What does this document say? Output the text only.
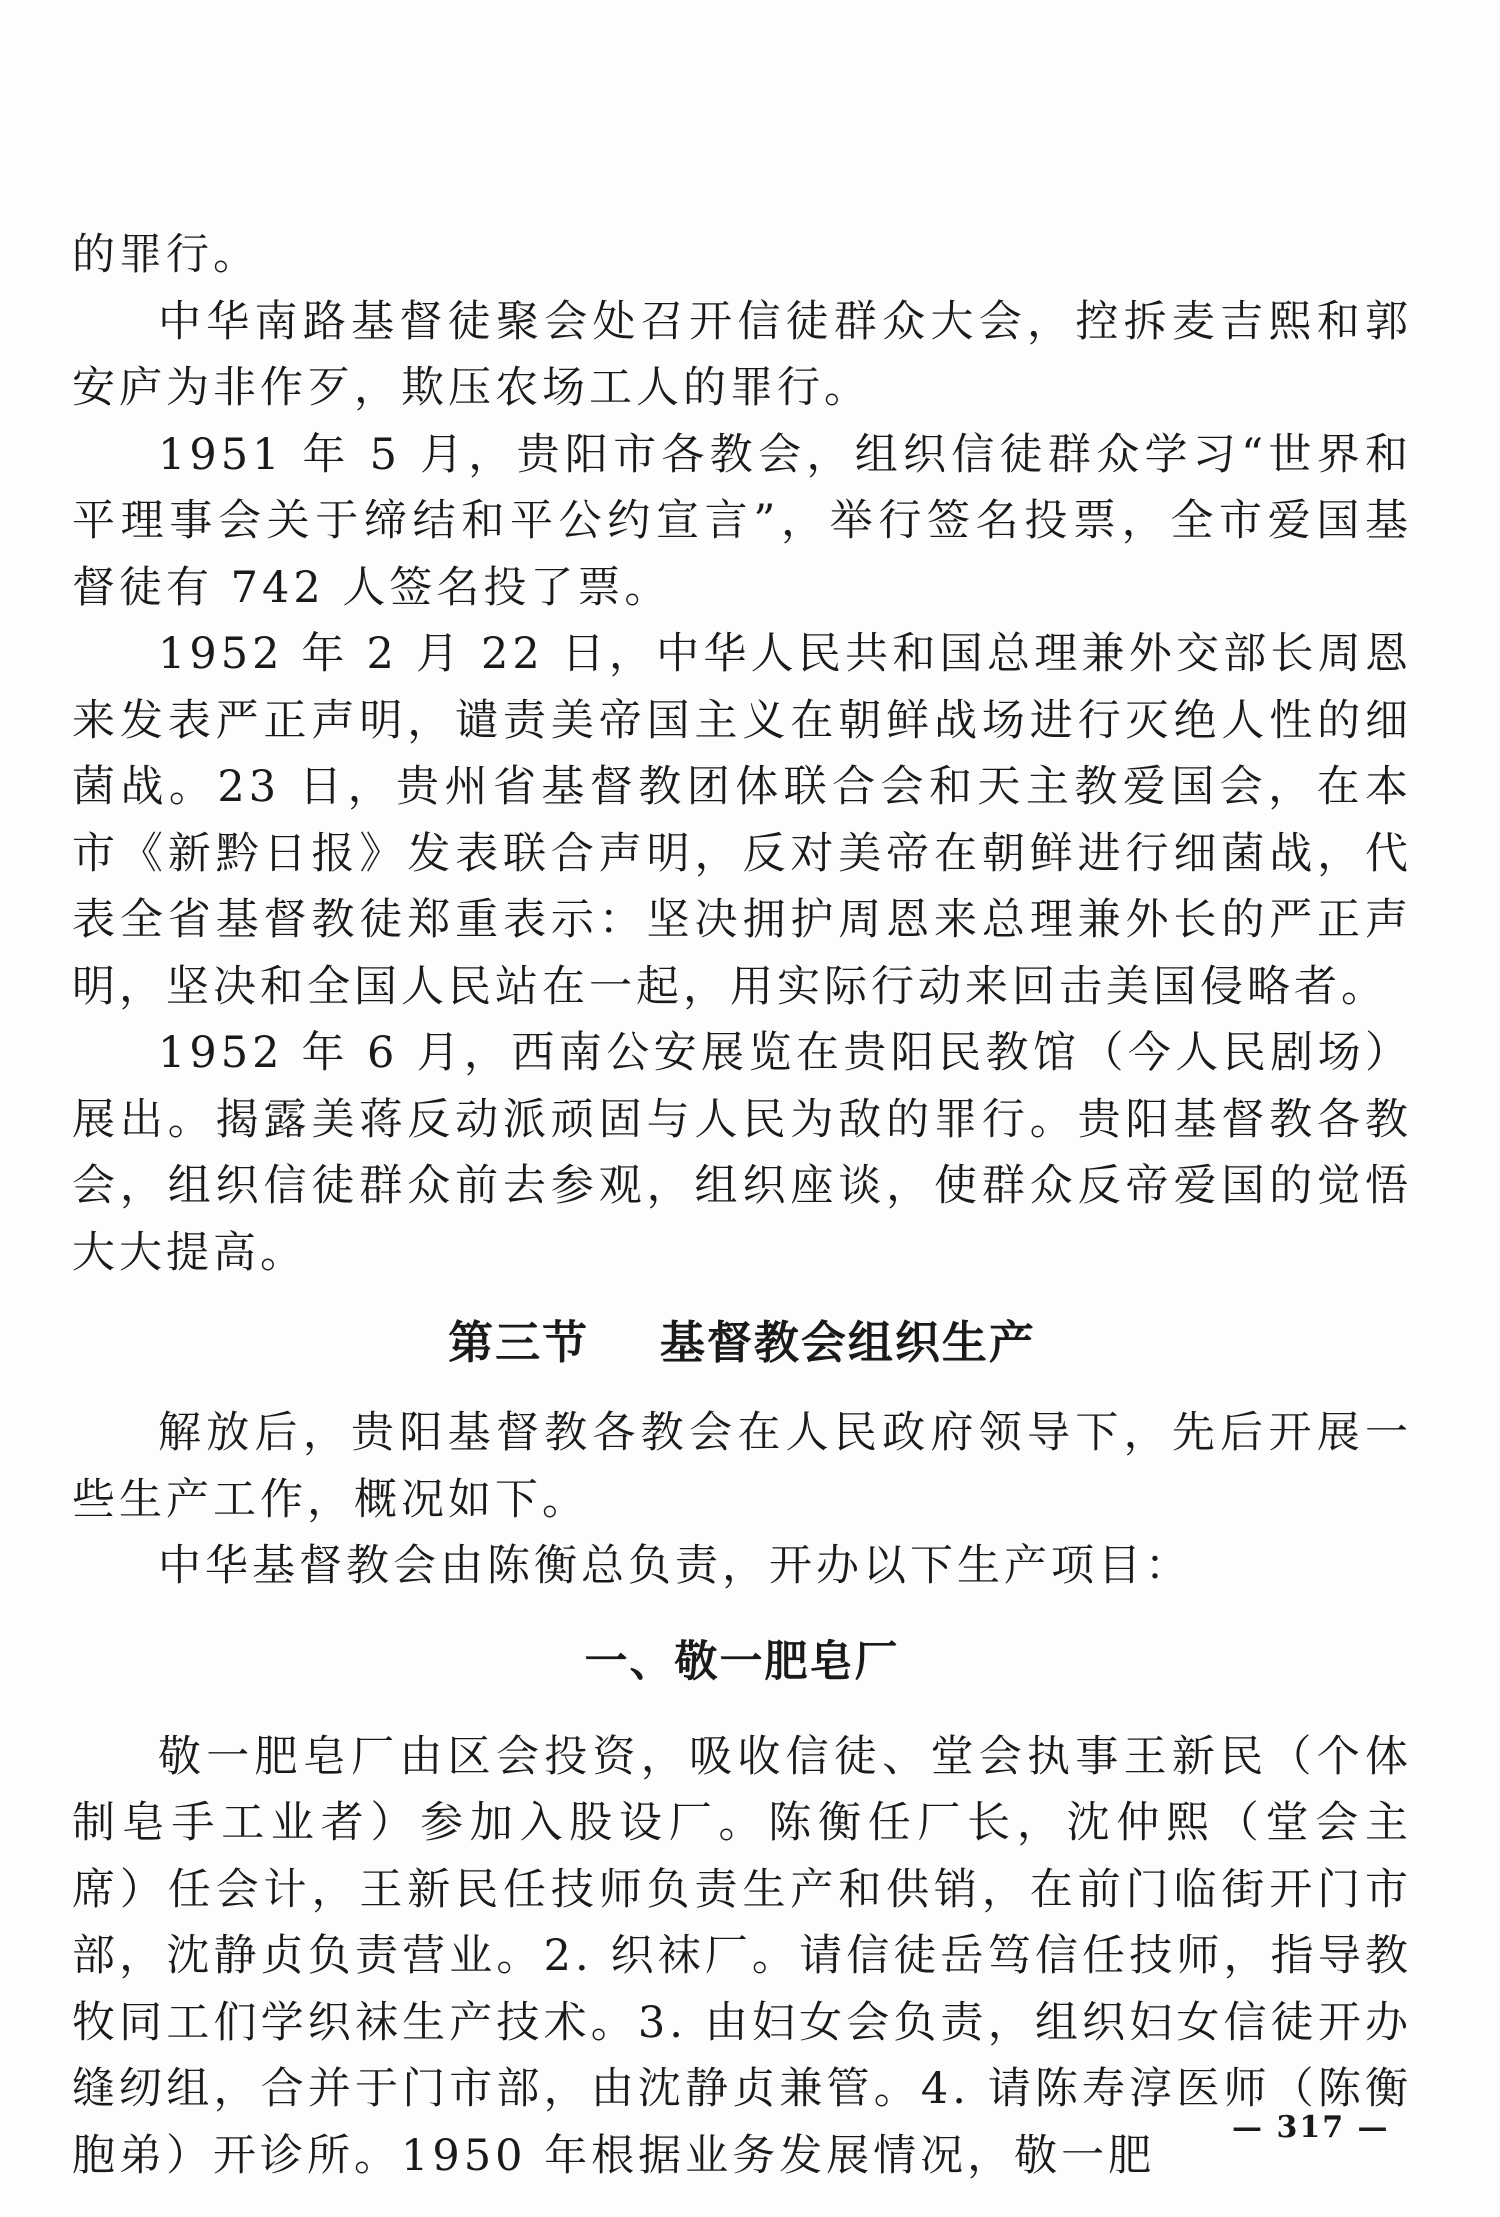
的罪行。

中华南路基督徒聚会处召开信徒群众大会，控拆麦吉熙和郭安庐为非作歹，欺压农场工人的罪行。

1951 年 5 月，贵阳市各教会，组织信徒群众学习“世界和平理事会关于缔结和平公约宣言”，举行签名投票，全市爱国基督徒有 742 人签名投了票。

1952 年 2 月 22 日，中华人民共和国总理兼外交部长周恩来发表严正声明，谴责美帝国主义在朝鲜战场进行灭绝人性的细菌战。23 日，贵州省基督教团体联合会和天主教爱国会，在本市《新黔日报》发表联合声明，反对美帝在朝鲜进行细菌战，代表全省基督教徒郑重表示：坚决拥护周恩来总理兼外长的严正声明，坚决和全国人民站在一起，用实际行动来回击美国侵略者。

1952 年 6 月，西南公安展览在贵阳民教馆（今人民剧场）展出。揭露美蒋反动派顽固与人民为敌的罪行。贵阳基督教各教会，组织信徒群众前去参观，组织座谈，使群众反帝爱国的觉悟大大提高。

第三节    基督教会组织生产

解放后，贵阳基督教各教会在人民政府领导下，先后开展一些生产工作，概况如下。

中华基督教会由陈衡总负责，开办以下生产项目：

一、敬一肥皂厂

敬一肥皂厂由区会投资，吸收信徒、堂会执事王新民（个体制皂手工业者）参加入股设厂。陈衡任厂长，沈仲熙（堂会主席）任会计，王新民任技师负责生产和供销，在前门临街开门市部，沈静贞负责营业。2. 织袜厂。请信徒岳笃信任技师，指导教牧同工们学织袜生产技术。3. 由妇女会负责，组织妇女信徒开办缝纫组，合并于门市部，由沈静贞兼管。4. 请陈寿淳医师（陈衡胞弟）开诊所。1950 年根据业务发展情况，敬一肥

— 317 —
